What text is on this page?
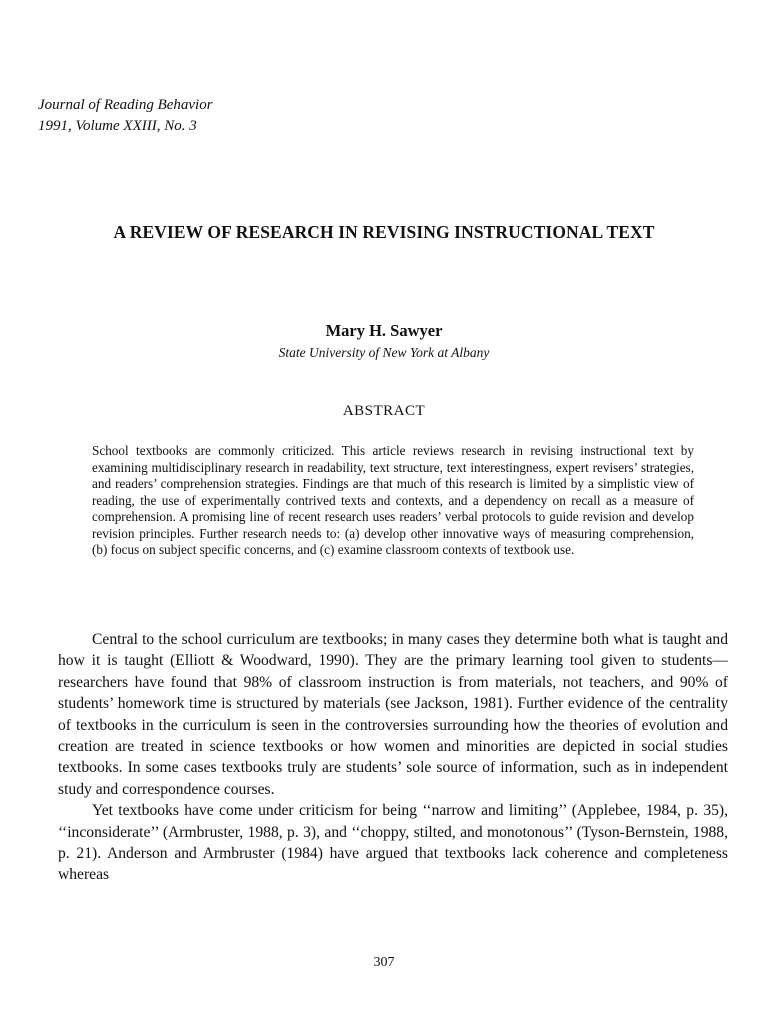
Journal of Reading Behavior
1991, Volume XXIII, No. 3
A REVIEW OF RESEARCH IN REVISING INSTRUCTIONAL TEXT
Mary H. Sawyer
State University of New York at Albany
ABSTRACT
School textbooks are commonly criticized. This article reviews research in revising instructional text by examining multidisciplinary research in readability, text structure, text interestingness, expert revisers’ strategies, and readers’ comprehension strategies. Findings are that much of this research is limited by a simplistic view of reading, the use of experimentally contrived texts and contexts, and a dependency on recall as a measure of comprehension. A promising line of recent research uses readers’ verbal protocols to guide revision and develop revision principles. Further research needs to: (a) develop other innovative ways of measuring comprehension, (b) focus on subject specific concerns, and (c) examine classroom contexts of textbook use.

Central to the school curriculum are textbooks; in many cases they determine both what is taught and how it is taught (Elliott & Woodward, 1990). They are the primary learning tool given to students—researchers have found that 98% of classroom instruction is from materials, not teachers, and 90% of students’ homework time is structured by materials (see Jackson, 1981). Further evidence of the centrality of textbooks in the curriculum is seen in the controversies surrounding how the theories of evolution and creation are treated in science textbooks or how women and minorities are depicted in social studies textbooks. In some cases textbooks truly are students’ sole source of information, such as in independent study and correspondence courses.

Yet textbooks have come under criticism for being ‘‘narrow and limiting’’ (Applebee, 1984, p. 35), ‘‘inconsiderate’’ (Armbruster, 1988, p. 3), and ‘‘choppy, stilted, and monotonous’’ (Tyson-Bernstein, 1988, p. 21). Anderson and Armbruster (1984) have argued that textbooks lack coherence and completeness whereas

307
